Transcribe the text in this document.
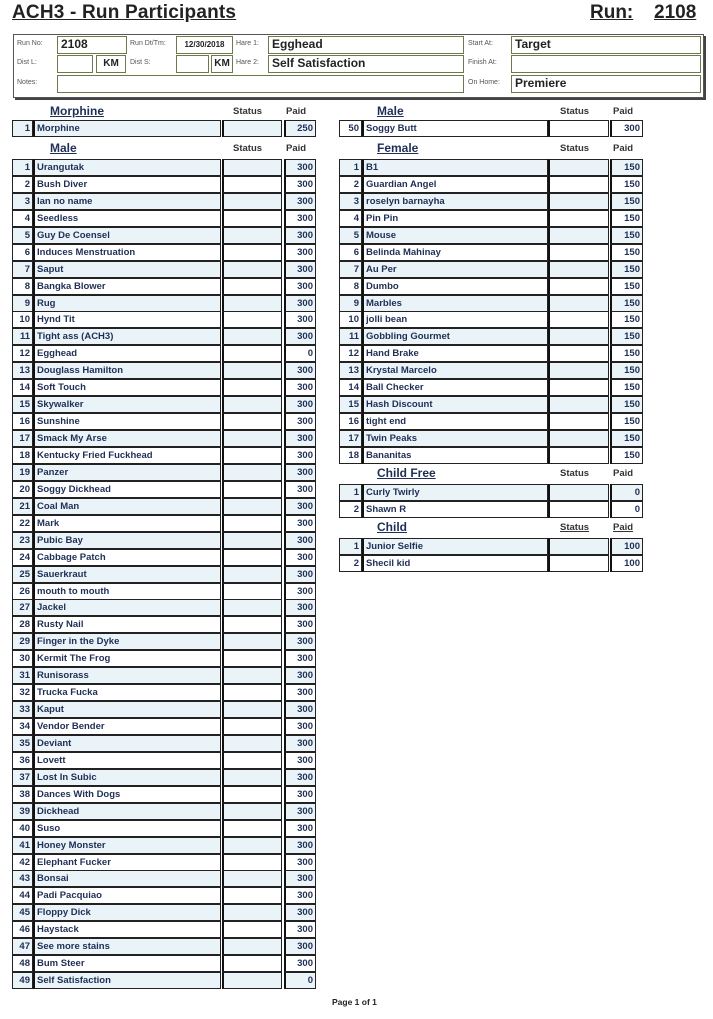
ACH3 - Run Participants	Run: 2108
Run No:	2108	Run Dt/Tm:	12/30/2018	Hare 1:	Egghead	Start At:	Target
Dist L:	KM	Dist S:	KM Hare 2:	Self Satisfaction	Finish At:
Notes:	On Home:	Premiere
Morphine	Status	Paid
1 Morphine	250
Male	Status	Paid
1 Urangutak	300
2 Bush Diver	300
3 Ian no name	300
4 Seedless	300
5 Guy De Coensel	300
6 Induces Menstruation	300
7 Saput	300
8 Bangka Blower	300
9 Rug	300
10 Hynd Tit	300
11 Tight ass (ACH3)	300
12 Egghead	0
13 Douglass Hamilton	300
14 Soft Touch	300
15 Skywalker	300
16 Sunshine	300
17 Smack My Arse	300
18 Kentucky Fried Fuckhead	300
19 Panzer	300
20 Soggy Dickhead	300
21 Coal Man	300
22 Mark	300
23 Pubic Bay	300
24 Cabbage Patch	300
25 Sauerkraut	300
26 mouth to mouth	300
27 Jackel	300
28 Rusty Nail	300
29 Finger in the Dyke	300
30 Kermit The Frog	300
31 Runisorass	300
32 Trucka Fucka	300
33 Kaput	300
34 Vendor Bender	300
35 Deviant	300
36 Lovett	300
37 Lost In Subic	300
38 Dances With Dogs	300
39 Dickhead	300
40 Suso	300
41 Honey Monster	300
42 Elephant Fucker	300
43 Bonsai	300
44 Padi Pacquiao	300
45 Floppy Dick	300
46 Haystack	300
47 See more stains	300
48 Bum Steer	300
49 Self Satisfaction	0
Male	Status	Paid
50 Soggy Butt	300
Female	Status	Paid
1 B1	150
2 Guardian Angel	150
3 roselyn barnayha	150
4 Pin Pin	150
5 Mouse	150
6 Belinda Mahinay	150
7 Au Per	150
8 Dumbo	150
9 Marbles	150
10 jolli bean	150
11 Gobbling Gourmet	150
12 Hand Brake	150
13 Krystal Marcelo	150
14 Ball Checker	150
15 Hash Discount	150
16 tight end	150
17 Twin Peaks	150
18 Bananitas	150
Child Free	Status	Paid
1 Curly Twirly	0
2 Shawn R	0
Child	Status	Paid
1 Junior Selfie	100
2 Shecil kid	100
Page 1 of 1
